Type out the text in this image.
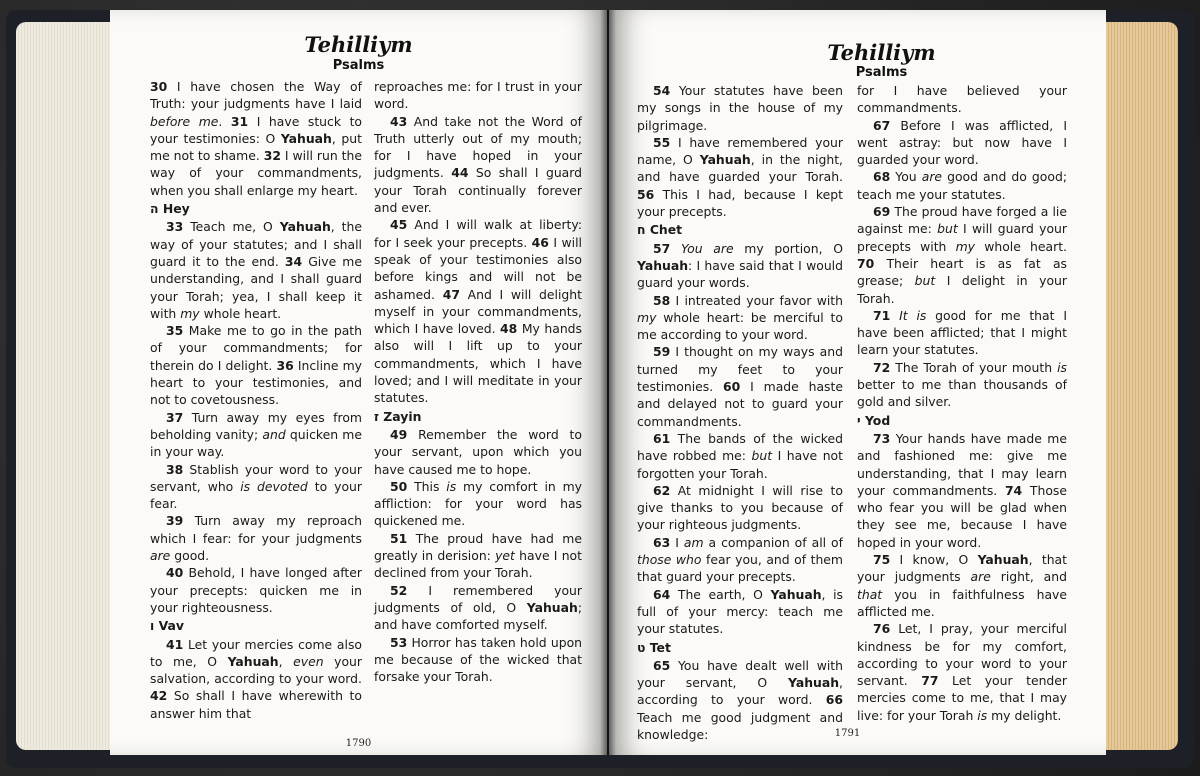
Tehilliym
Psalms

30 I have chosen the Way of Truth: your judgments have I laid before me. 31 I have stuck to your testimonies: O Yahuah, put me not to shame. 32 I will run the way of your commandments, when you shall enlarge my heart.

ה Hey

33 Teach me, O Yahuah, the way of your statutes; and I shall guard it to the end. 34 Give me understanding, and I shall guard your Torah; yea, I shall keep it with my whole heart.

35 Make me to go in the path of your commandments; for therein do I delight. 36 Incline my heart to your testimonies, and not to covetousness.

37 Turn away my eyes from beholding vanity; and quicken me in your way.

38 Stablish your word to your servant, who is devoted to your fear.

39 Turn away my reproach which I fear: for your judgments are good.

40 Behold, I have longed after your precepts: quicken me in your righteousness.

ו Vav

41 Let your mercies come also to me, O Yahuah, even your salvation, according to your word. 42 So shall I have wherewith to answer him that

reproaches me: for I trust in your word.

43 And take not the Word of Truth utterly out of my mouth; for I have hoped in your judgments. 44 So shall I guard your Torah continually forever and ever.

45 And I will walk at liberty: for I seek your precepts. 46 I will speak of your testimonies also before kings and will not be ashamed. 47 And I will delight myself in your commandments, which I have loved. 48 My hands also will I lift up to your commandments, which I have loved; and I will meditate in your statutes.

ז Zayin

49 Remember the word to your servant, upon which you have caused me to hope.

50 This is my comfort in my affliction: for your word has quickened me.

51 The proud have had me greatly in derision: yet have I not declined from your Torah.

52 I remembered your judgments of old, O Yahuah; and have comforted myself.

53 Horror has taken hold upon me because of the wicked that forsake your Torah.

1790
Tehilliym
Psalms

54 Your statutes have been my songs in the house of my pilgrimage.

55 I have remembered your name, O Yahuah, in the night, and have guarded your Torah. 56 This I had, because I kept your precepts.

ח Chet

57 You are my portion, O Yahuah: I have said that I would guard your words.

58 I intreated your favor with my whole heart: be merciful to me according to your word.

59 I thought on my ways and turned my feet to your testimonies. 60 I made haste and delayed not to guard your commandments.

61 The bands of the wicked have robbed me: but I have not forgotten your Torah.

62 At midnight I will rise to give thanks to you because of your righteous judgments.

63 I am a companion of all of those who fear you, and of them that guard your precepts.

64 The earth, O Yahuah, is full of your mercy: teach me your statutes.

ט Tet

65 You have dealt well with your servant, O Yahuah, according to your word. 66 Teach me good judgment and knowledge:

for I have believed your commandments.

67 Before I was afflicted, I went astray: but now have I guarded your word.

68 You are good and do good; teach me your statutes.

69 The proud have forged a lie against me: but I will guard your precepts with my whole heart. 70 Their heart is as fat as grease; but I delight in your Torah.

71 It is good for me that I have been afflicted; that I might learn your statutes.

72 The Torah of your mouth is better to me than thousands of gold and silver.

י Yod

73 Your hands have made me and fashioned me: give me understanding, that I may learn your commandments. 74 Those who fear you will be glad when they see me, because I have hoped in your word.

75 I know, O Yahuah, that your judgments are right, and that you in faithfulness have afflicted me.

76 Let, I pray, your merciful kindness be for my comfort, according to your word to your servant. 77 Let your tender mercies come to me, that I may live: for your Torah is my delight.

1791
